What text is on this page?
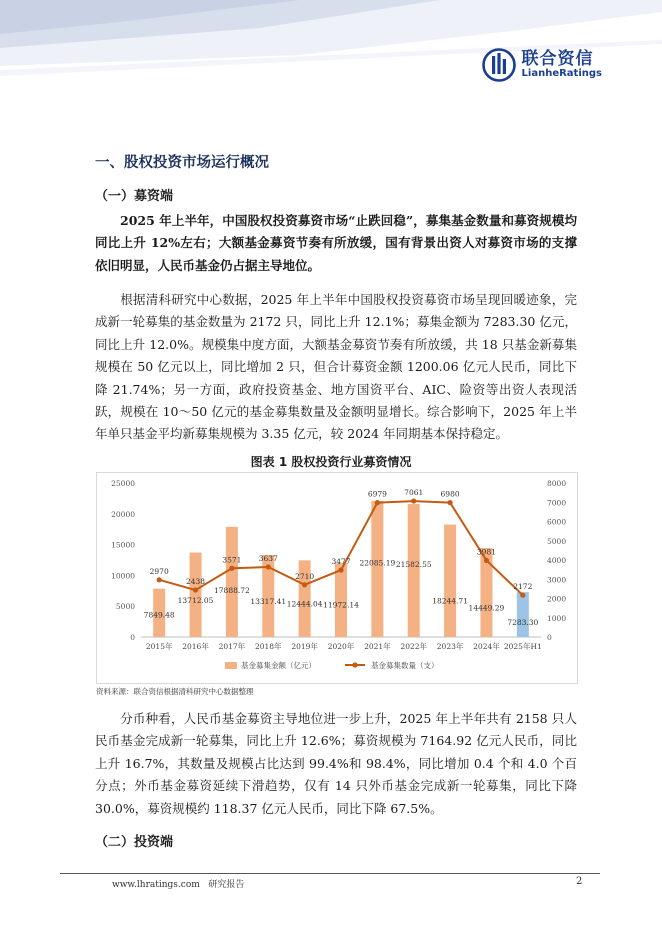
联合资信
LianheRatings
一、股权投资市场运行概况
（一）募资端
2025 年上半年，中国股权投资募资市场“止跌回稳”，募集基金数量和募资规模均同比上升 12%左右；大额基金募资节奏有所放缓，国有背景出资人对募资市场的支撑依旧明显，人民币基金仍占据主导地位。
根据清科研究中心数据，2025 年上半年中国股权投资募资市场呈现回暖迹象，完成新一轮募集的基金数量为 2172 只，同比上升 12.1%；募集金额为 7283.30 亿元，同比上升 12.0%。规模集中度方面，大额基金募资节奏有所放缓，共 18 只基金新募集规模在 50 亿元以上，同比增加 2 只，但合计募资金额 1200.06 亿元人民币，同比下降 21.74%；另一方面，政府投资基金、地方国资平台、AIC、险资等出资人表现活跃，规模在 10～50 亿元的基金募集数量及金额明显增长。综合影响下，2025 年上半年单只基金平均新募集规模为 3.35 亿元，较 2024 年同期基本保持稳定。
图表 1 股权投资行业募资情况
0
5000
10000
15000
20000
25000
0
1000
2000
3000
4000
5000
6000
7000
8000
7849.48
13712.05
17888.72
13317.41 12444.04 11972.14
22085.19 21582.55
18244.71
14449.29
7283.30
2970
2438
3571 3637
2710
3477
6979 7061 6980
3981
2172
2015年 2016年 2017年 2018年 2019年 2020年 2021年 2022年 2023年 2024年 2025年H1
基金募集金额（亿元）	基金募集数量（支）
资料来源：联合资信根据清科研究中心数据整理
分币种看，人民币基金募资主导地位进一步上升，2025 年上半年共有 2158 只人民币基金完成新一轮募集，同比上升 12.6%；募资规模为 7164.92 亿元人民币，同比上升 16.7%，其数量及规模占比达到 99.4%和 98.4%，同比增加 0.4 个和 4.0 个百分点；外币基金募资延续下滑趋势，仅有 14 只外币基金完成新一轮募集，同比下降 30.0%，募资规模约 118.37 亿元人民币，同比下降 67.5%。
（二）投资端
www.lhratings.com 研究报告	2
